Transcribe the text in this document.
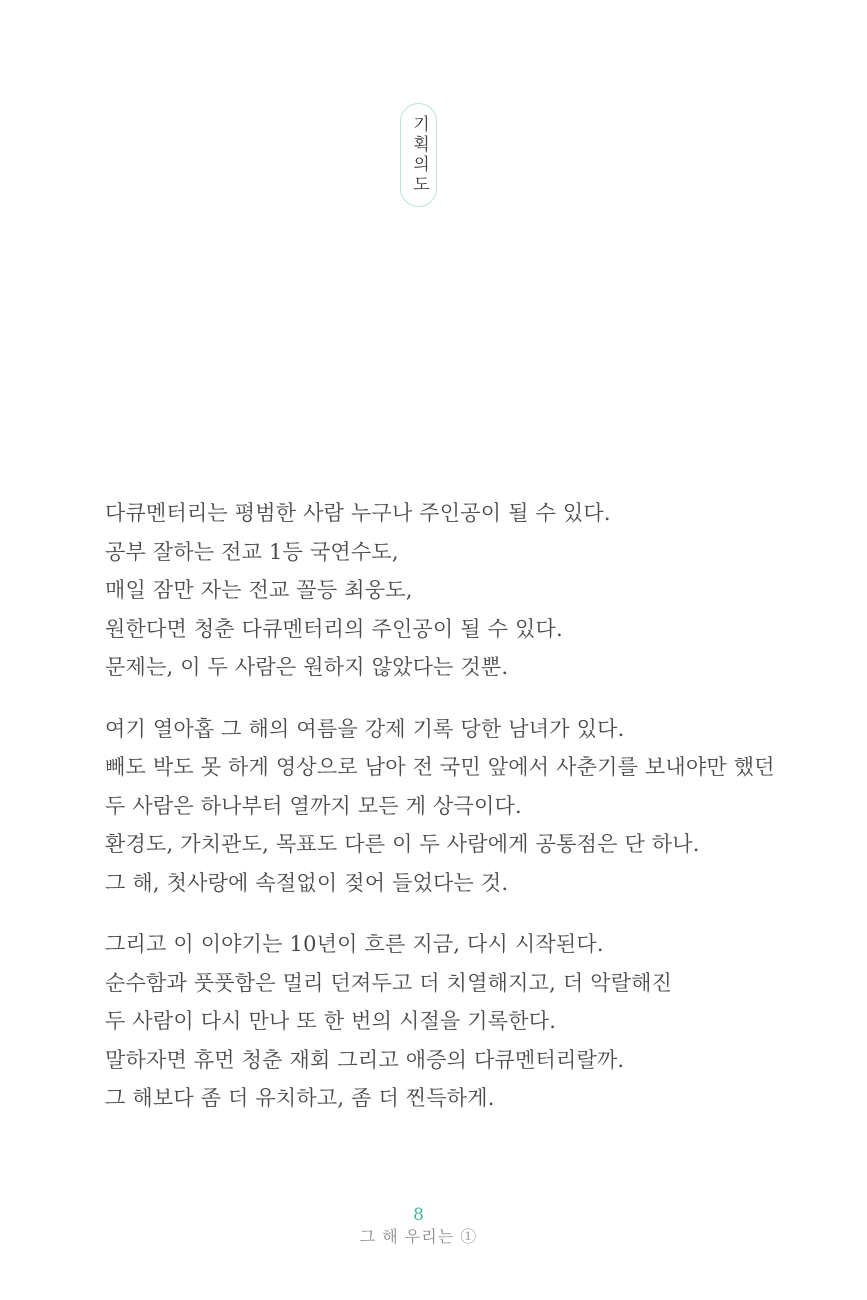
기획의도
다큐멘터리는 평범한 사람 누구나 주인공이 될 수 있다.
공부 잘하는 전교 1등 국연수도,
매일 잠만 자는 전교 꼴등 최웅도,
원한다면 청춘 다큐멘터리의 주인공이 될 수 있다.
문제는, 이 두 사람은 원하지 않았다는 것뿐.
여기 열아홉 그 해의 여름을 강제 기록 당한 남녀가 있다.
빼도 박도 못 하게 영상으로 남아 전 국민 앞에서 사춘기를 보내야만 했던
두 사람은 하나부터 열까지 모든 게 상극이다.
환경도, 가치관도, 목표도 다른 이 두 사람에게 공통점은 단 하나.
그 해, 첫사랑에 속절없이 젖어 들었다는 것.
그리고 이 이야기는 10년이 흐른 지금, 다시 시작된다.
순수함과 풋풋함은 멀리 던져두고 더 치열해지고, 더 악랄해진
두 사람이 다시 만나 또 한 번의 시절을 기록한다.
말하자면 휴먼 청춘 재회 그리고 애증의 다큐멘터리랄까.
그 해보다 좀 더 유치하고, 좀 더 찐득하게.
8
그 해 우리는 ①
